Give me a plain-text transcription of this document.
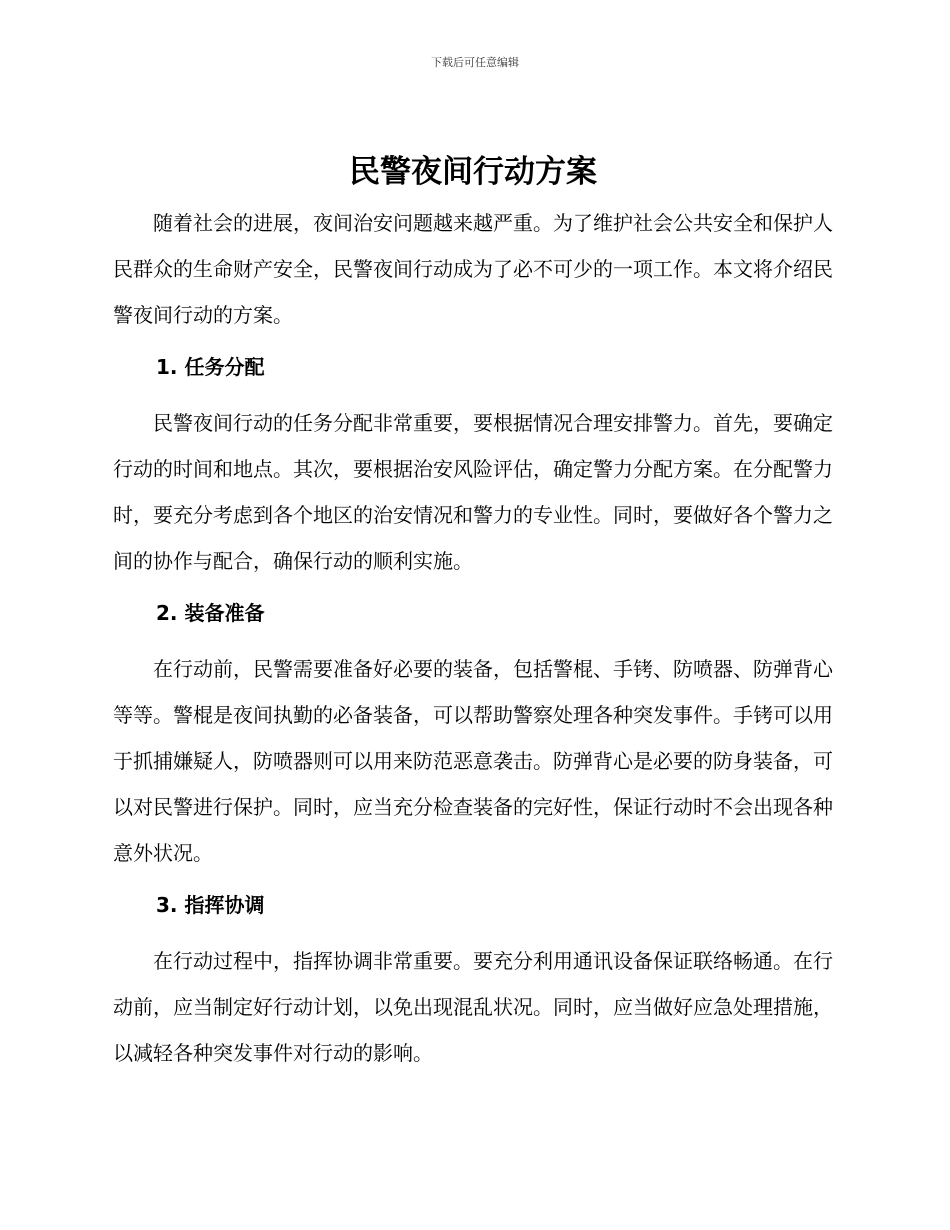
下载后可任意编辑
民警夜间行动方案

随着社会的进展，夜间治安问题越来越严重。为了维护社会公共安全和保护人民群众的生命财产安全，民警夜间行动成为了必不可少的一项工作。本文将介绍民警夜间行动的方案。

1. 任务分配

民警夜间行动的任务分配非常重要，要根据情况合理安排警力。首先，要确定行动的时间和地点。其次，要根据治安风险评估，确定警力分配方案。在分配警力时，要充分考虑到各个地区的治安情况和警力的专业性。同时，要做好各个警力之间的协作与配合，确保行动的顺利实施。

2. 装备准备

在行动前，民警需要准备好必要的装备，包括警棍、手铐、防喷器、防弹背心等等。警棍是夜间执勤的必备装备，可以帮助警察处理各种突发事件。手铐可以用于抓捕嫌疑人，防喷器则可以用来防范恶意袭击。防弹背心是必要的防身装备，可以对民警进行保护。同时，应当充分检查装备的完好性，保证行动时不会出现各种意外状况。

3. 指挥协调

在行动过程中，指挥协调非常重要。要充分利用通讯设备保证联络畅通。在行动前，应当制定好行动计划，以免出现混乱状况。同时，应当做好应急处理措施，以减轻各种突发事件对行动的影响。
